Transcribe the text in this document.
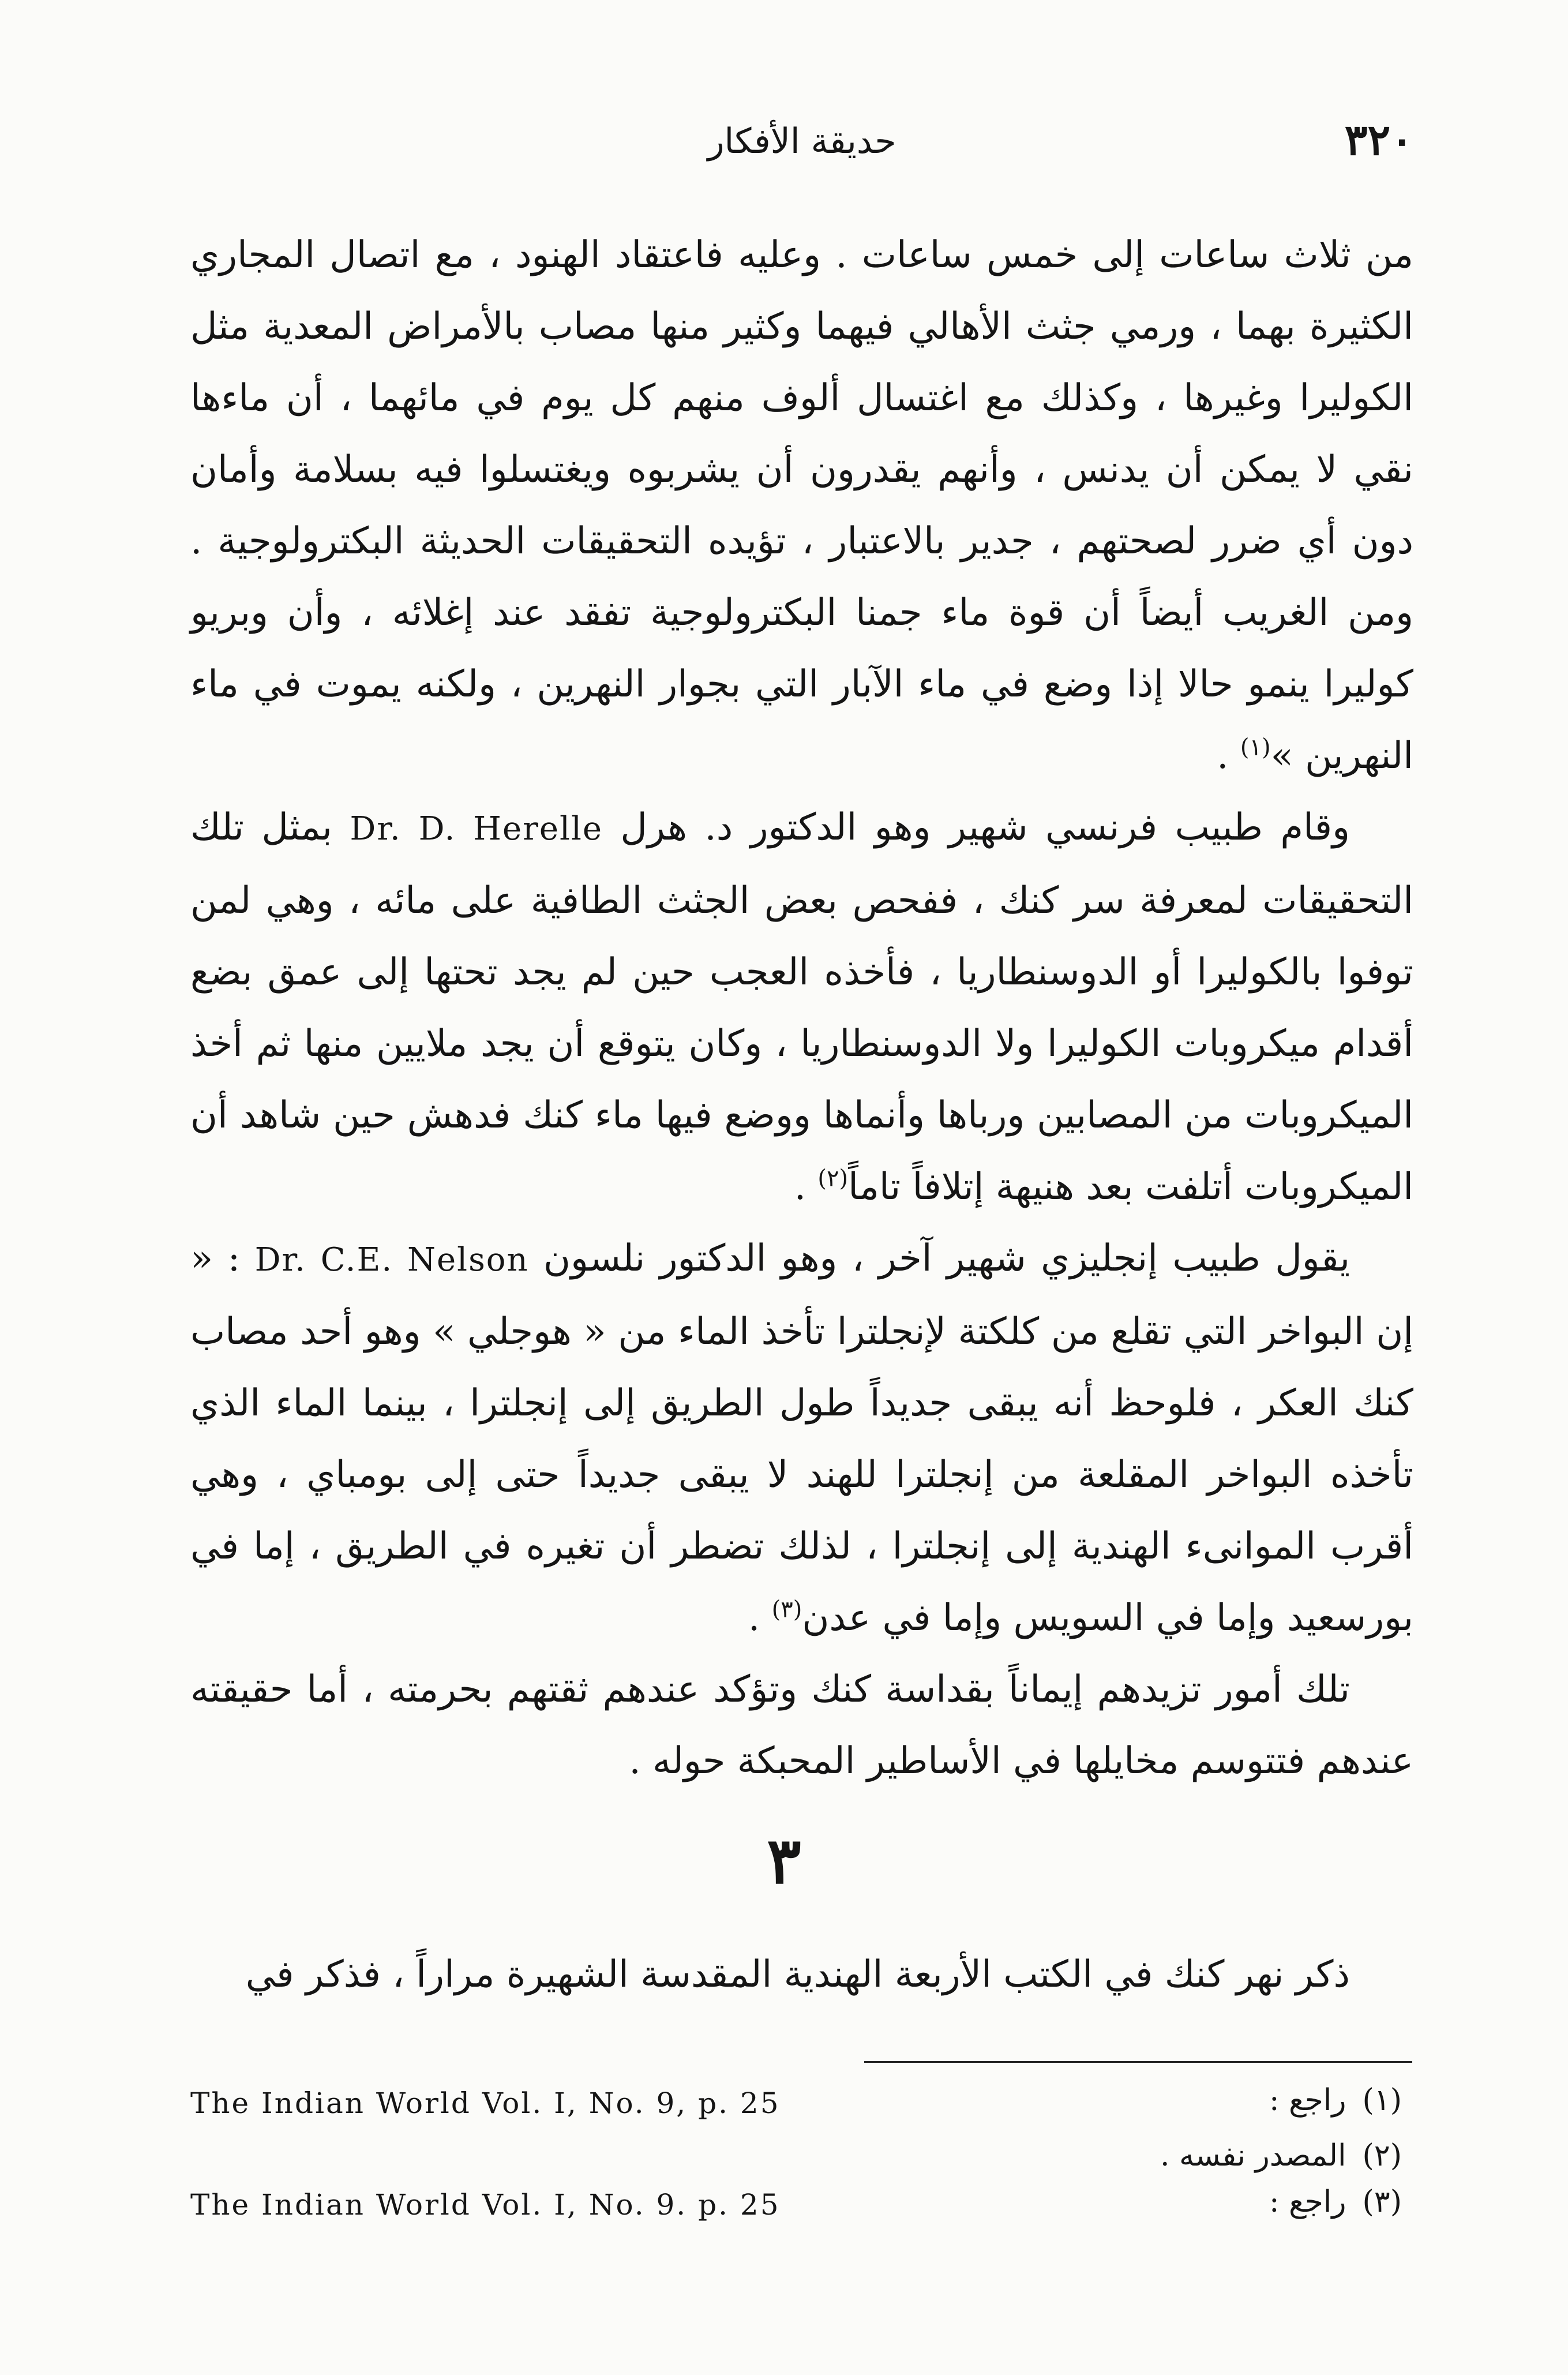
٣٢٠
حديقة الأفكار

من ثلاث ساعات إلى خمس ساعات . وعليه فاعتقاد الهنود ، مع اتصال المجاري الكثيرة بهما ، ورمي جثث الأهالي فيهما وكثير منها مصاب بالأمراض المعدية مثل الكوليرا وغيرها ، وكذلك مع اغتسال ألوف منهم كل يوم في مائهما ، أن ماءها نقي لا يمكن أن يدنس ، وأنهم يقدرون أن يشربوه ويغتسلوا فيه بسلامة وأمان دون أي ضرر لصحتهم ، جدير بالاعتبار ، تؤيده التحقيقات الحديثة البكترولوجية . ومن الغريب أيضاً أن قوة ماء جمنا البكترولوجية تفقد عند إغلائه ، وأن وبريو كوليرا ينمو حالا إذا وضع في ماء الآبار التي بجوار النهرين ، ولكنه يموت في ماء النهرين »$^{(١)}$ .

وقام طبيب فرنسي شهير وهو الدكتور د. هرل Dr. D. Herelle بمثل تلك التحقيقات لمعرفة سر كنك ، ففحص بعض الجثث الطافية على مائه ، وهي لمن توفوا بالكوليرا أو الدوسنطاريا ، فأخذه العجب حين لم يجد تحتها إلى عمق بضع أقدام ميكروبات الكوليرا ولا الدوسنطاريا ، وكان يتوقع أن يجد ملايين منها ثم أخذ الميكروبات من المصابين ورباها وأنماها ووضع فيها ماء كنك فدهش حين شاهد أن الميكروبات أتلفت بعد هنيهة إتلافاً تاماً$^{(٢)}$ .

يقول طبيب إنجليزي شهير آخر ، وهو الدكتور نلسون Dr. C.E. Nelson : « إن البواخر التي تقلع من كلكتة لإنجلترا تأخذ الماء من « هوجلي » وهو أحد مصاب كنك العكر ، فلوحظ أنه يبقى جديداً طول الطريق إلى إنجلترا ، بينما الماء الذي تأخذه البواخر المقلعة من إنجلترا للهند لا يبقى جديداً حتى إلى بومباي ، وهي أقرب الموانىء الهندية إلى إنجلترا ، لذلك تضطر أن تغيره في الطريق ، إما في بورسعيد وإما في السويس وإما في عدن$^{(٣)}$ .

تلك أمور تزيدهم إيماناً بقداسة كنك وتؤكد عندهم ثقتهم بحرمته ، أما حقيقته عندهم فتتوسم مخايلها في الأساطير المحبكة حوله .

٣
ذكر نهر كنك في الكتب الأربعة الهندية المقدسة الشهيرة مراراً ، فذكر في
(١)راجع :
The Indian World Vol. I, No. 9, p. 25
(٢)المصدر نفسه .
(٣)راجع :
The Indian World Vol. I, No. 9. p. 25
